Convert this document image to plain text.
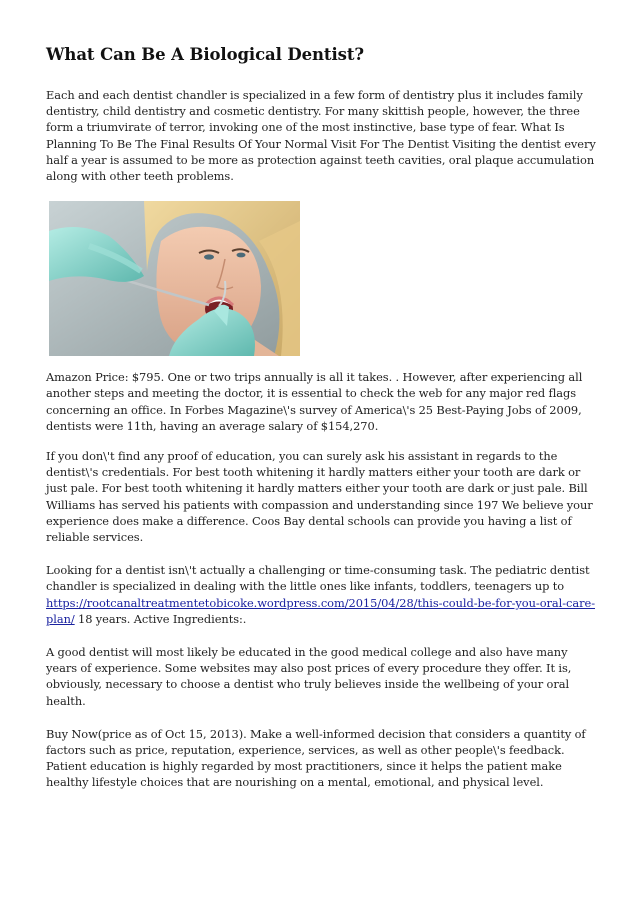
What Can Be A Biological Dentist?

Each and each dentist chandler is specialized in a few form of dentistry plus it includes family dentistry, child dentistry and cosmetic dentistry. For many skittish people, however, the three form a triumvirate of terror, invoking one of the most instinctive, base type of fear. What Is Planning To Be The Final Results Of Your Normal Visit For The Dentist Visiting the dentist every half a year is assumed to be more as protection against teeth cavities, oral plaque accumulation along with other teeth problems.

Amazon Price: $795. One or two trips annually is all it takes. . However, after experiencing all another steps and meeting the doctor, it is essential to check the web for any major red flags concerning an office. In Forbes Magazine\'s survey of America\'s 25 Best-Paying Jobs of 2009, dentists were 11th, having an average salary of $154,270.

If you don\'t find any proof of education, you can surely ask his assistant in regards to the dentist\'s credentials. For best tooth whitening it hardly matters either your tooth are dark or just pale. For best tooth whitening it hardly matters either your tooth are dark or just pale. Bill Williams has served his patients with compassion and understanding since 197 We believe your experience does make a difference. Coos Bay dental schools can provide you having a list of reliable services.

Looking for a dentist isn\'t actually a challenging or time-consuming task. The pediatric dentist chandler is specialized in dealing with the little ones like infants, toddlers, teenagers up to https://rootcanaltreatmentetobicoke.wordpress.com/2015/04/28/this-could-be-for-you-oral-care-plan/ 18 years. Active Ingredients:.

A good dentist will most likely be educated in the good medical college and also have many years of experience. Some websites may also post prices of every procedure they offer. It is, obviously, necessary to choose a dentist who truly believes inside the wellbeing of your oral health.

Buy Now(price as of Oct 15, 2013). Make a well-informed decision that considers a quantity of factors such as price, reputation, experience, services, as well as other people\'s feedback. Patient education is highly regarded by most practitioners, since it helps the patient make healthy lifestyle choices that are nourishing on a mental, emotional, and physical level.
